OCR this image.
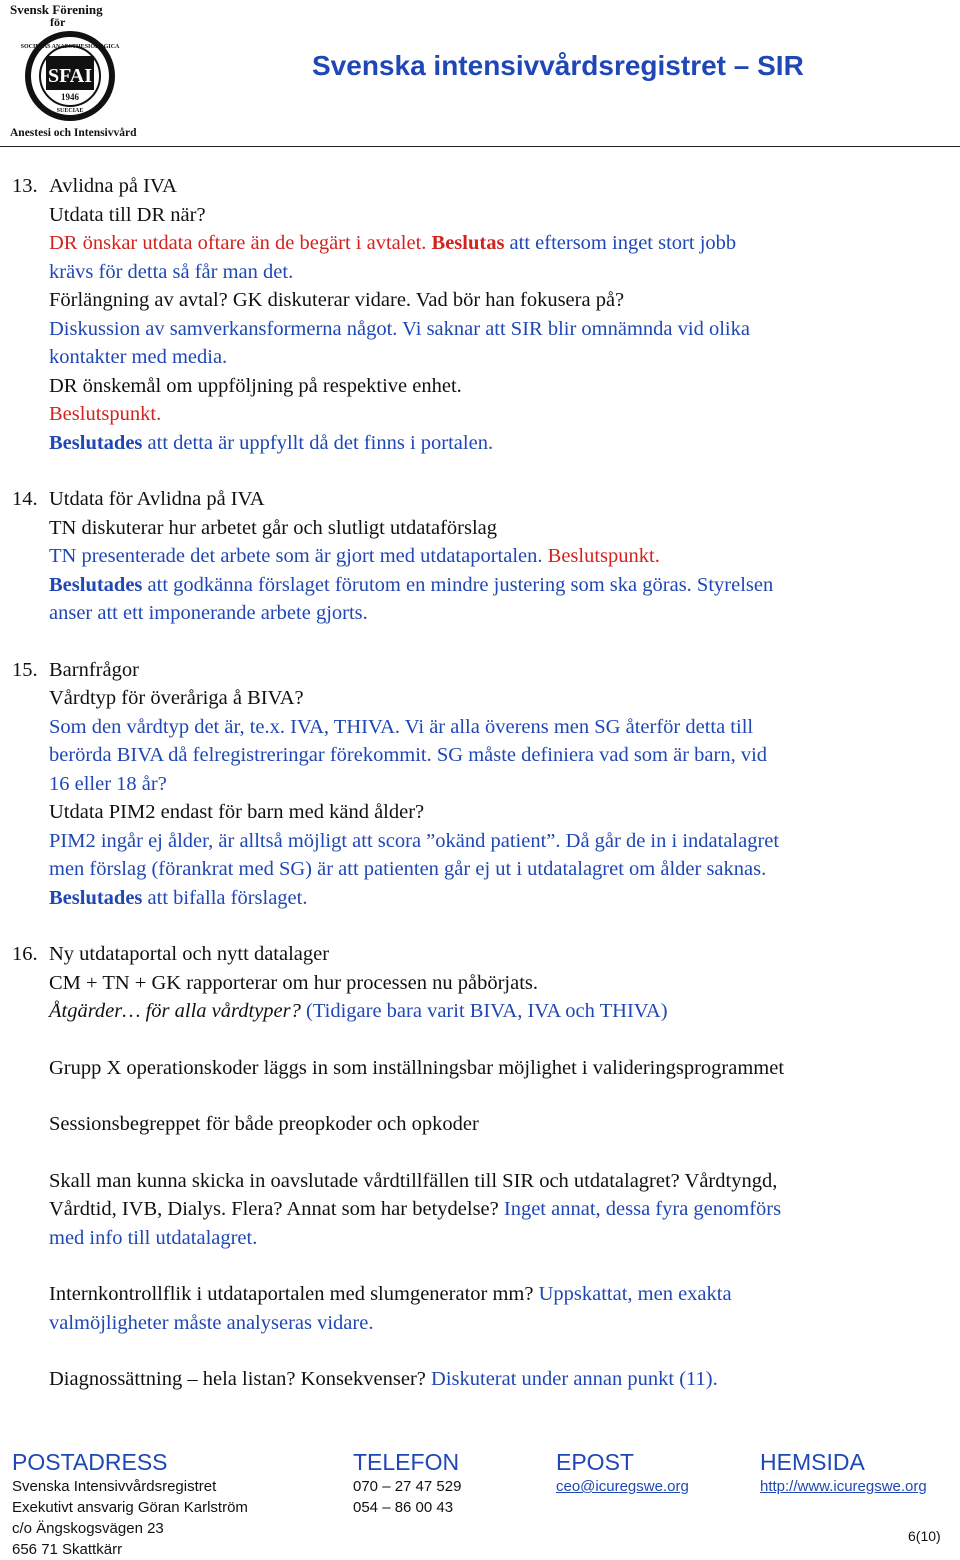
Svensk Förening
för
SOCIETAS ANAESTHESIOLOGICA
SFAI
1946
SUECIAE
Anestesi och Intensivvård
Svenska intensivvårdsregistret – SIR
13. Avlidna på IVA
Utdata till DR när?
DR önskar utdata oftare än de begärt i avtalet. Beslutas att eftersom inget stort jobb
krävs för detta så får man det.
Förlängning av avtal? GK diskuterar vidare. Vad bör han fokusera på?
Diskussion av samverkansformerna något. Vi saknar att SIR blir omnämnda vid olika
kontakter med media.
DR önskemål om uppföljning på respektive enhet.
Beslutspunkt.
Beslutades att detta är uppfyllt då det finns i portalen.
14. Utdata för Avlidna på IVA
TN diskuterar hur arbetet går och slutligt utdataförslag
TN presenterade det arbete som är gjort med utdataportalen. Beslutspunkt.
Beslutades att godkänna förslaget förutom en mindre justering som ska göras. Styrelsen
anser att ett imponerande arbete gjorts.
15. Barnfrågor
Vårdtyp för överåriga å BIVA?
Som den vårdtyp det är, te.x. IVA, THIVA. Vi är alla överens men SG återför detta till
berörda BIVA då felregistreringar förekommit. SG måste definiera vad som är barn, vid
16 eller 18 år?
Utdata PIM2 endast för barn med känd ålder?
PIM2 ingår ej ålder, är alltså möjligt att scora ”okänd patient”. Då går de in i indatalagret
men förslag (förankrat med SG) är att patienten går ej ut i utdatalagret om ålder saknas.
Beslutades att bifalla förslaget.
16. Ny utdataportal och nytt datalager
CM + TN + GK rapporterar om hur processen nu påbörjats.
Åtgärder… för alla vårdtyper? (Tidigare bara varit BIVA, IVA och THIVA)
Grupp X operationskoder läggs in som inställningsbar möjlighet i valideringsprogrammet
Sessionsbegreppet för både preopkoder och opkoder
Skall man kunna skicka in oavslutade vårdtillfällen till SIR och utdatalagret? Vårdtyngd,
Vårdtid, IVB, Dialys. Flera? Annat som har betydelse? Inget annat, dessa fyra genomförs
med info till utdatalagret.
Internkontrollflik i utdataportalen med slumgenerator mm? Uppskattat, men exakta
valmöjligheter måste analyseras vidare.
Diagnossättning – hela listan? Konsekvenser? Diskuterat under annan punkt (11).
POSTADRESS
Svenska Intensivvårdsregistret
Exekutivt ansvarig Göran Karlström
c/o Ängskogsvägen 23
656 71 Skattkärr
TELEFON
070 – 27 47 529
054 – 86 00 43
EPOST
ceo@icuregswe.org
HEMSIDA
http://www.icuregswe.org
6(10)
